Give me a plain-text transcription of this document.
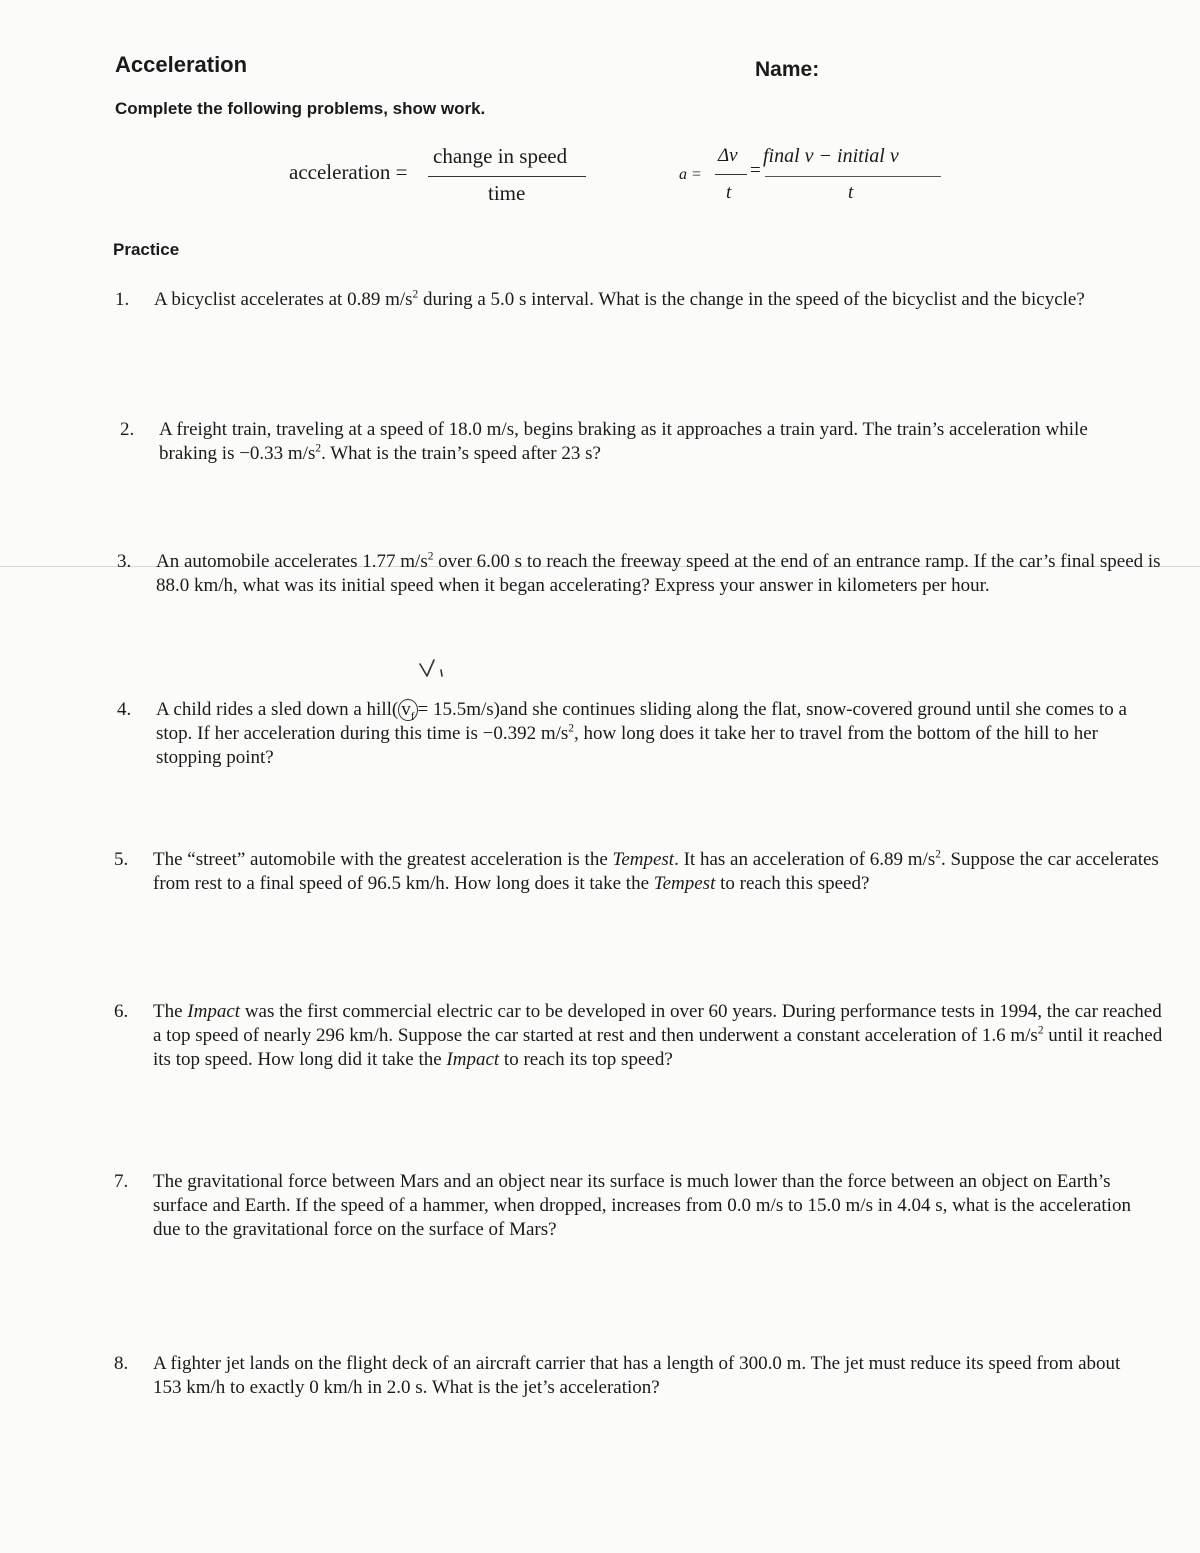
Acceleration	Name:
Complete the following problems, show work.
acceleration =
change in speed
time
a =
Δv
t
=
final v − initial v
t
Practice
1. A bicyclist accelerates at 0.89 $m/s^2$ during a 5.0 s interval. What is the change in the speed of the bicyclist and the bicycle?
2. A freight train, traveling at a speed of 18.0 m/s, begins braking as it approaches a train yard. The train’s acceleration while braking is −0.33 $m/s^2$. What is the train’s speed after 23 s?
3. An automobile accelerates 1.77 $m/s^2$ over 6.00 s to reach the freeway speed at the end of an entrance ramp. If the car’s final speed is 88.0 km/h, what was its initial speed when it began accelerating? Express your answer in kilometers per hour.
4. A child rides a sled down a hill( $v_f = 15.5m/s)and$ she continues sliding along the flat, snow-covered ground until she comes to a stop. If her acceleration during this time is −0.392 $m/s^2$, how long does it take her to travel from the bottom of the hill to her stopping point?
5. The “street” automobile with the greatest acceleration is the Tempest. It has an acceleration of 6.89 $m/s^2$. Suppose the car accelerates from rest to a final speed of 96.5 km/h. How long does it take the Tempest to reach this speed?
6. The Impact was the first commercial electric car to be developed in over 60 years. During performance tests in 1994, the car reached a top speed of nearly 296 km/h. Suppose the car started at rest and then underwent a constant acceleration of 1.6 $m/s^2$ until it reached its top speed. How long did it take the Impact to reach its top speed?
7. The gravitational force between Mars and an object near its surface is much lower than the force between an object on Earth’s surface and Earth. If the speed of a hammer, when dropped, increases from 0.0 m/s to 15.0 m/s in 4.04 s, what is the acceleration due to the gravitational force on the surface of Mars?
8. A fighter jet lands on the flight deck of an aircraft carrier that has a length of 300.0 m. The jet must reduce its speed from about 153 km/h to exactly 0 km/h in 2.0 s. What is the jet’s acceleration?
